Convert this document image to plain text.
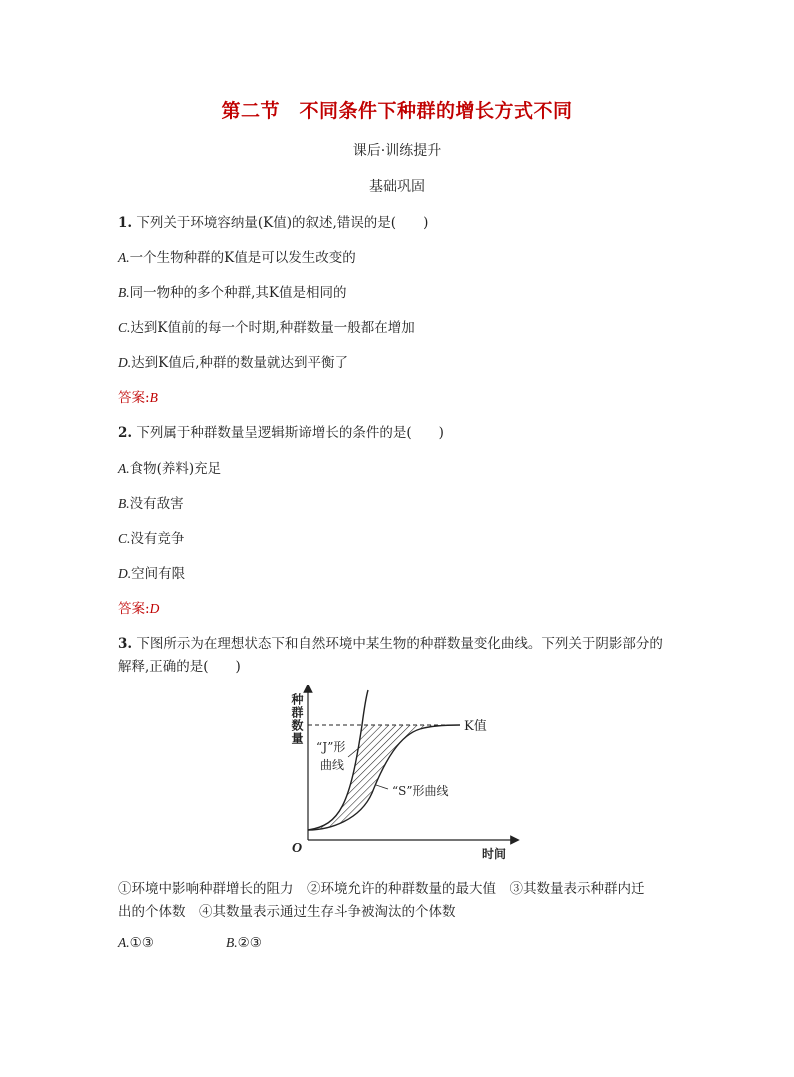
第二节　不同条件下种群的增长方式不同
课后·训练提升
基础巩固
1. 下列关于环境容纳量(K值)的叙述,错误的是(　　)
A.一个生物种群的K值是可以发生改变的
B.同一物种的多个种群,其K值是相同的
C.达到K值前的每一个时期,种群数量一般都在增加
D.达到K值后,种群的数量就达到平衡了
答案:B
2. 下列属于种群数量呈逻辑斯谛增长的条件的是(　　)
A.食物(养料)充足
B.没有敌害
C.没有竞争
D.空间有限
答案:D
3. 下图所示为在理想状态下和自然环境中某生物的种群数量变化曲线。下列关于阴影部分的
解释,正确的是(　　)
种群数量
时间
O
K值
“J”形
曲线
“S”形曲线
①环境中影响种群增长的阻力　②环境允许的种群数量的最大值　③其数量表示种群内迁
出的个体数　④其数量表示通过生存斗争被淘汰的个体数
A.①③	B.②③
